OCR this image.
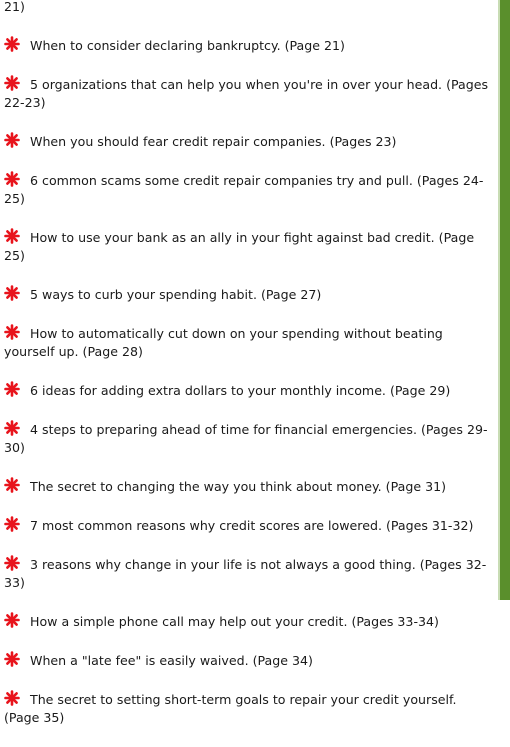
21)
When to consider declaring bankruptcy. (Page 21)
5 organizations that can help you when you're in over your head. (Pages 22-23)
When you should fear credit repair companies. (Pages 23)
6 common scams some credit repair companies try and pull. (Pages 24-25)
How to use your bank as an ally in your fight against bad credit. (Page 25)
5 ways to curb your spending habit. (Page 27)
How to automatically cut down on your spending without beating yourself up. (Page 28)
6 ideas for adding extra dollars to your monthly income. (Page 29)
4 steps to preparing ahead of time for financial emergencies. (Pages 29-30)
The secret to changing the way you think about money. (Page 31)
7 most common reasons why credit scores are lowered. (Pages 31-32)
3 reasons why change in your life is not always a good thing. (Pages 32-33)
How a simple phone call may help out your credit. (Pages 33-34)
When a "late fee" is easily waived. (Page 34)
The secret to setting short-term goals to repair your credit yourself. (Page 35)
